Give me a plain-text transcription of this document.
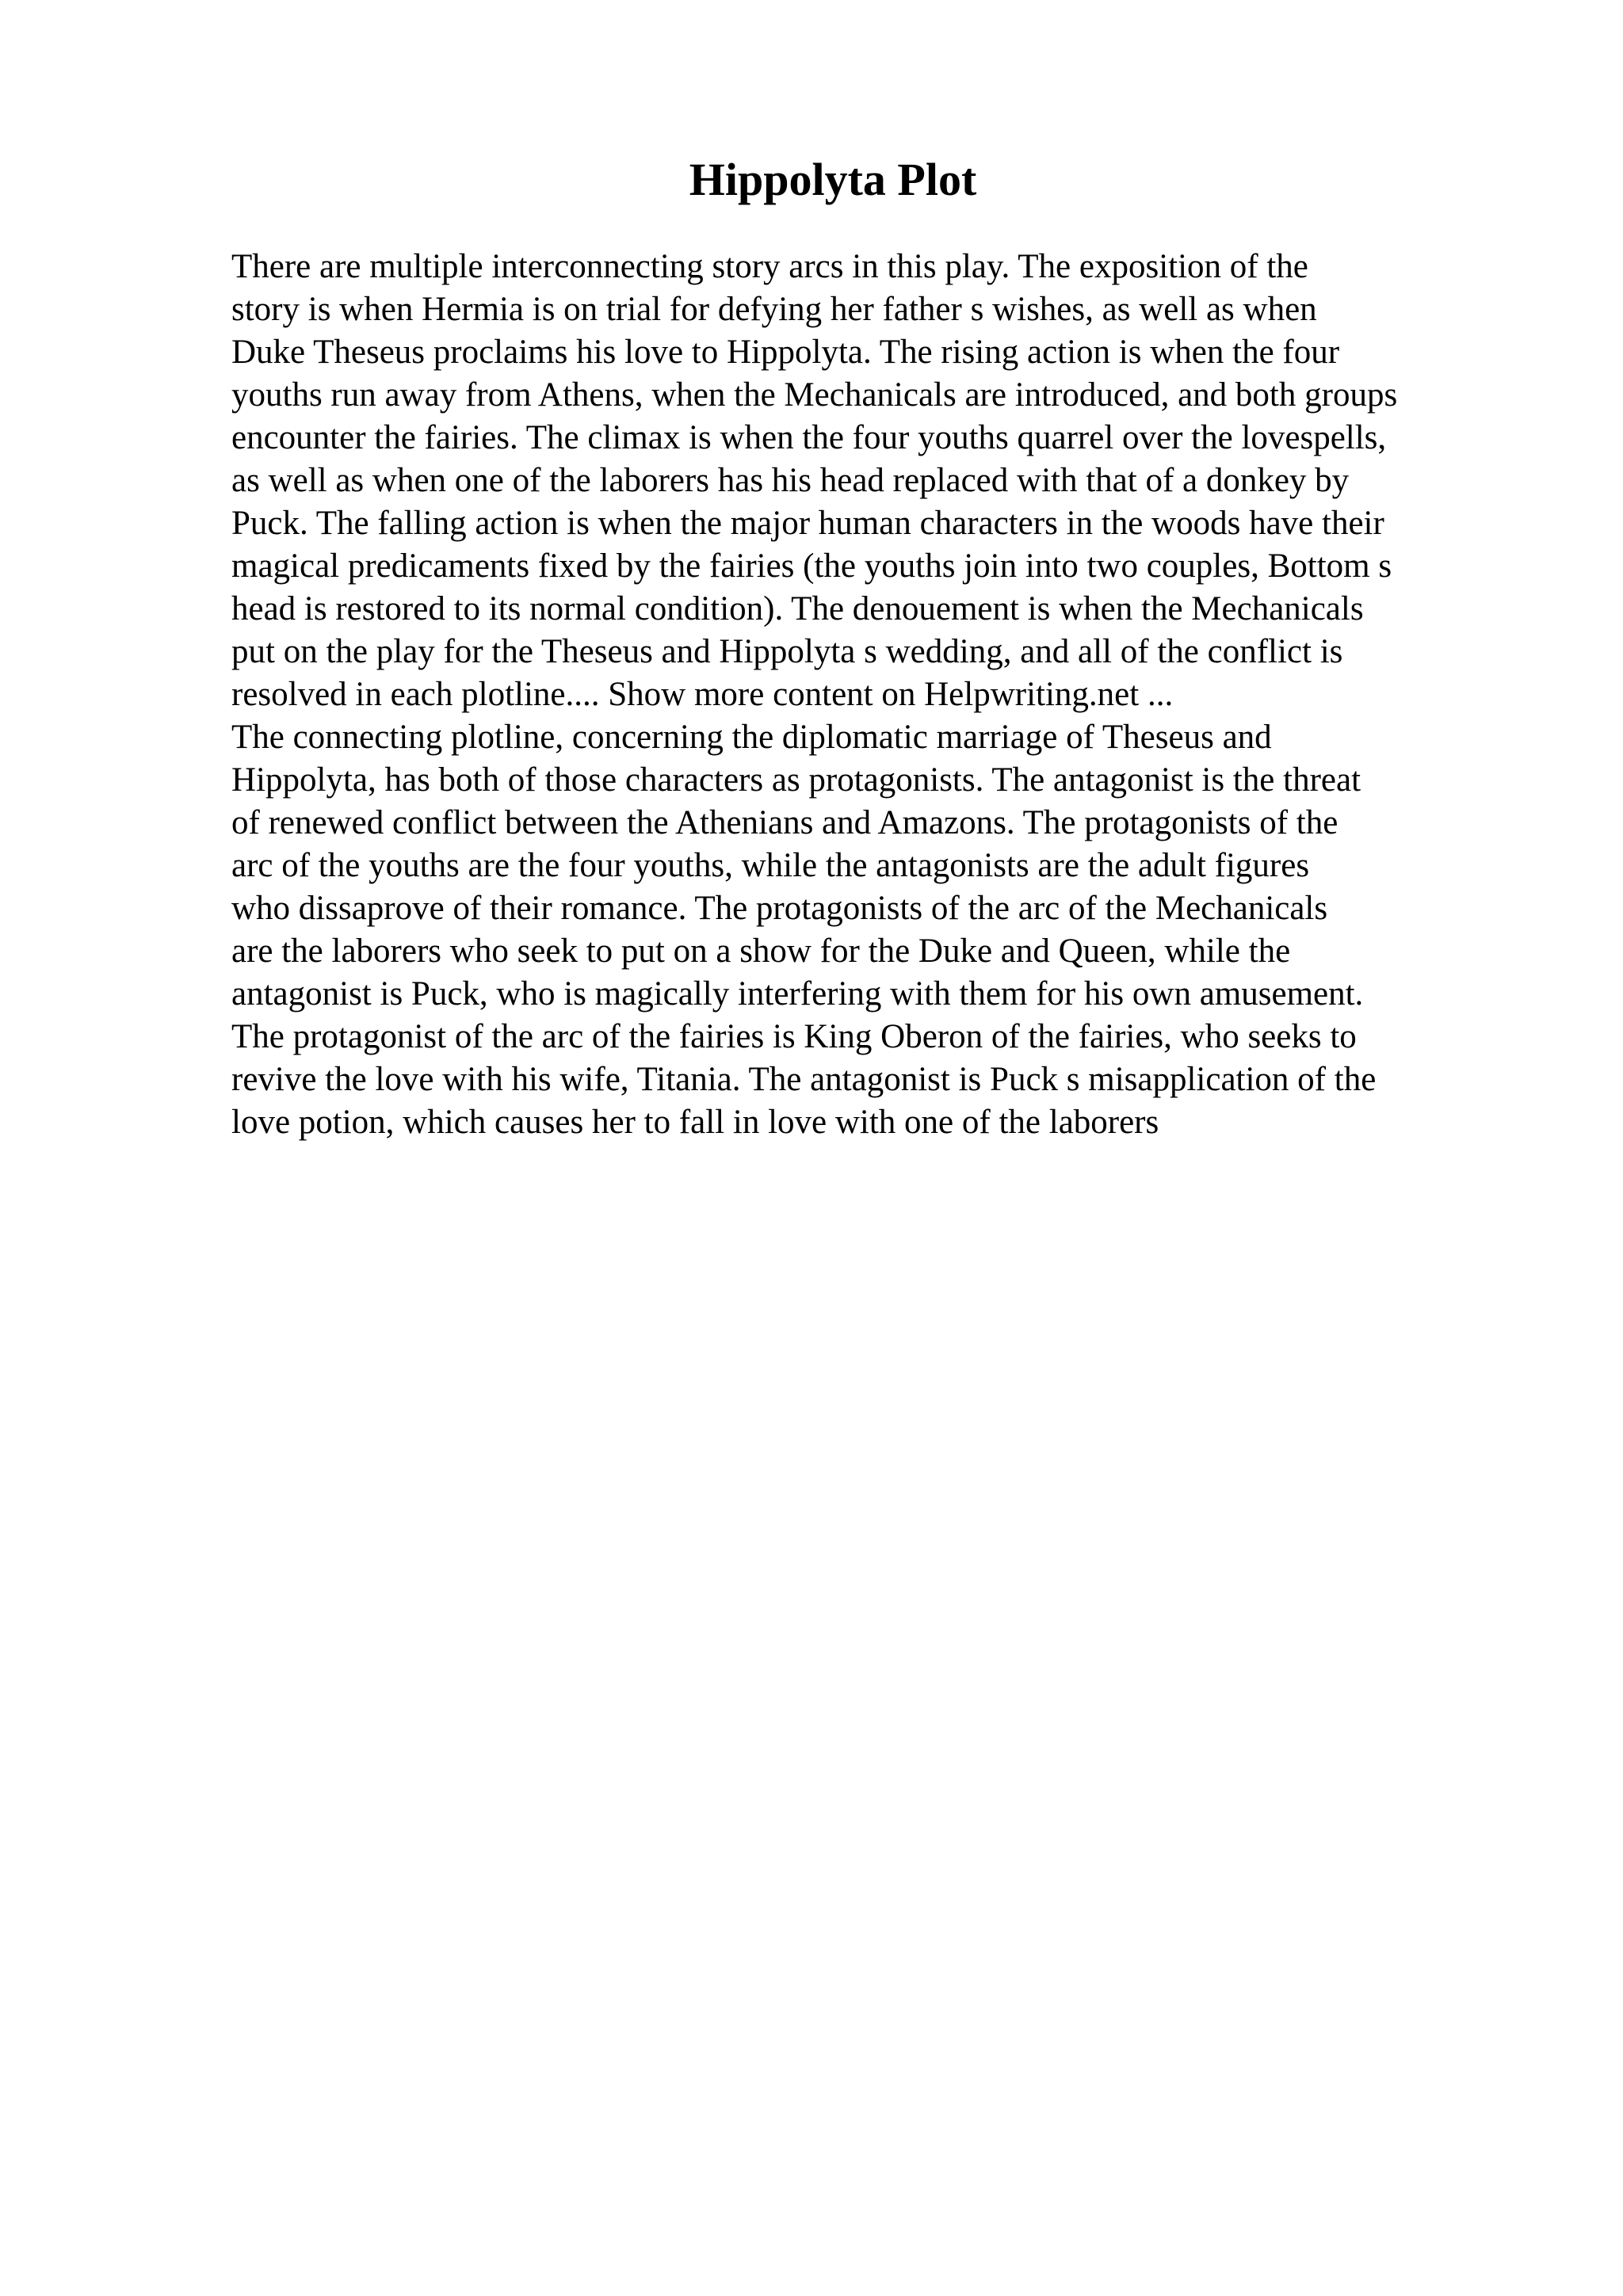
Hippolyta Plot
There are multiple interconnecting story arcs in this play. The exposition of the
story is when Hermia is on trial for defying her father s wishes, as well as when
Duke Theseus proclaims his love to Hippolyta. The rising action is when the four
youths run away from Athens, when the Mechanicals are introduced, and both groups
encounter the fairies. The climax is when the four youths quarrel over the lovespells,
as well as when one of the laborers has his head replaced with that of a donkey by
Puck. The falling action is when the major human characters in the woods have their
magical predicaments fixed by the fairies (the youths join into two couples, Bottom s
head is restored to its normal condition). The denouement is when the Mechanicals
put on the play for the Theseus and Hippolyta s wedding, and all of the conflict is
resolved in each plotline.... Show more content on Helpwriting.net ...
The connecting plotline, concerning the diplomatic marriage of Theseus and
Hippolyta, has both of those characters as protagonists. The antagonist is the threat
of renewed conflict between the Athenians and Amazons. The protagonists of the
arc of the youths are the four youths, while the antagonists are the adult figures
who dissaprove of their romance. The protagonists of the arc of the Mechanicals
are the laborers who seek to put on a show for the Duke and Queen, while the
antagonist is Puck, who is magically interfering with them for his own amusement.
The protagonist of the arc of the fairies is King Oberon of the fairies, who seeks to
revive the love with his wife, Titania. The antagonist is Puck s misapplication of the
love potion, which causes her to fall in love with one of the laborers
